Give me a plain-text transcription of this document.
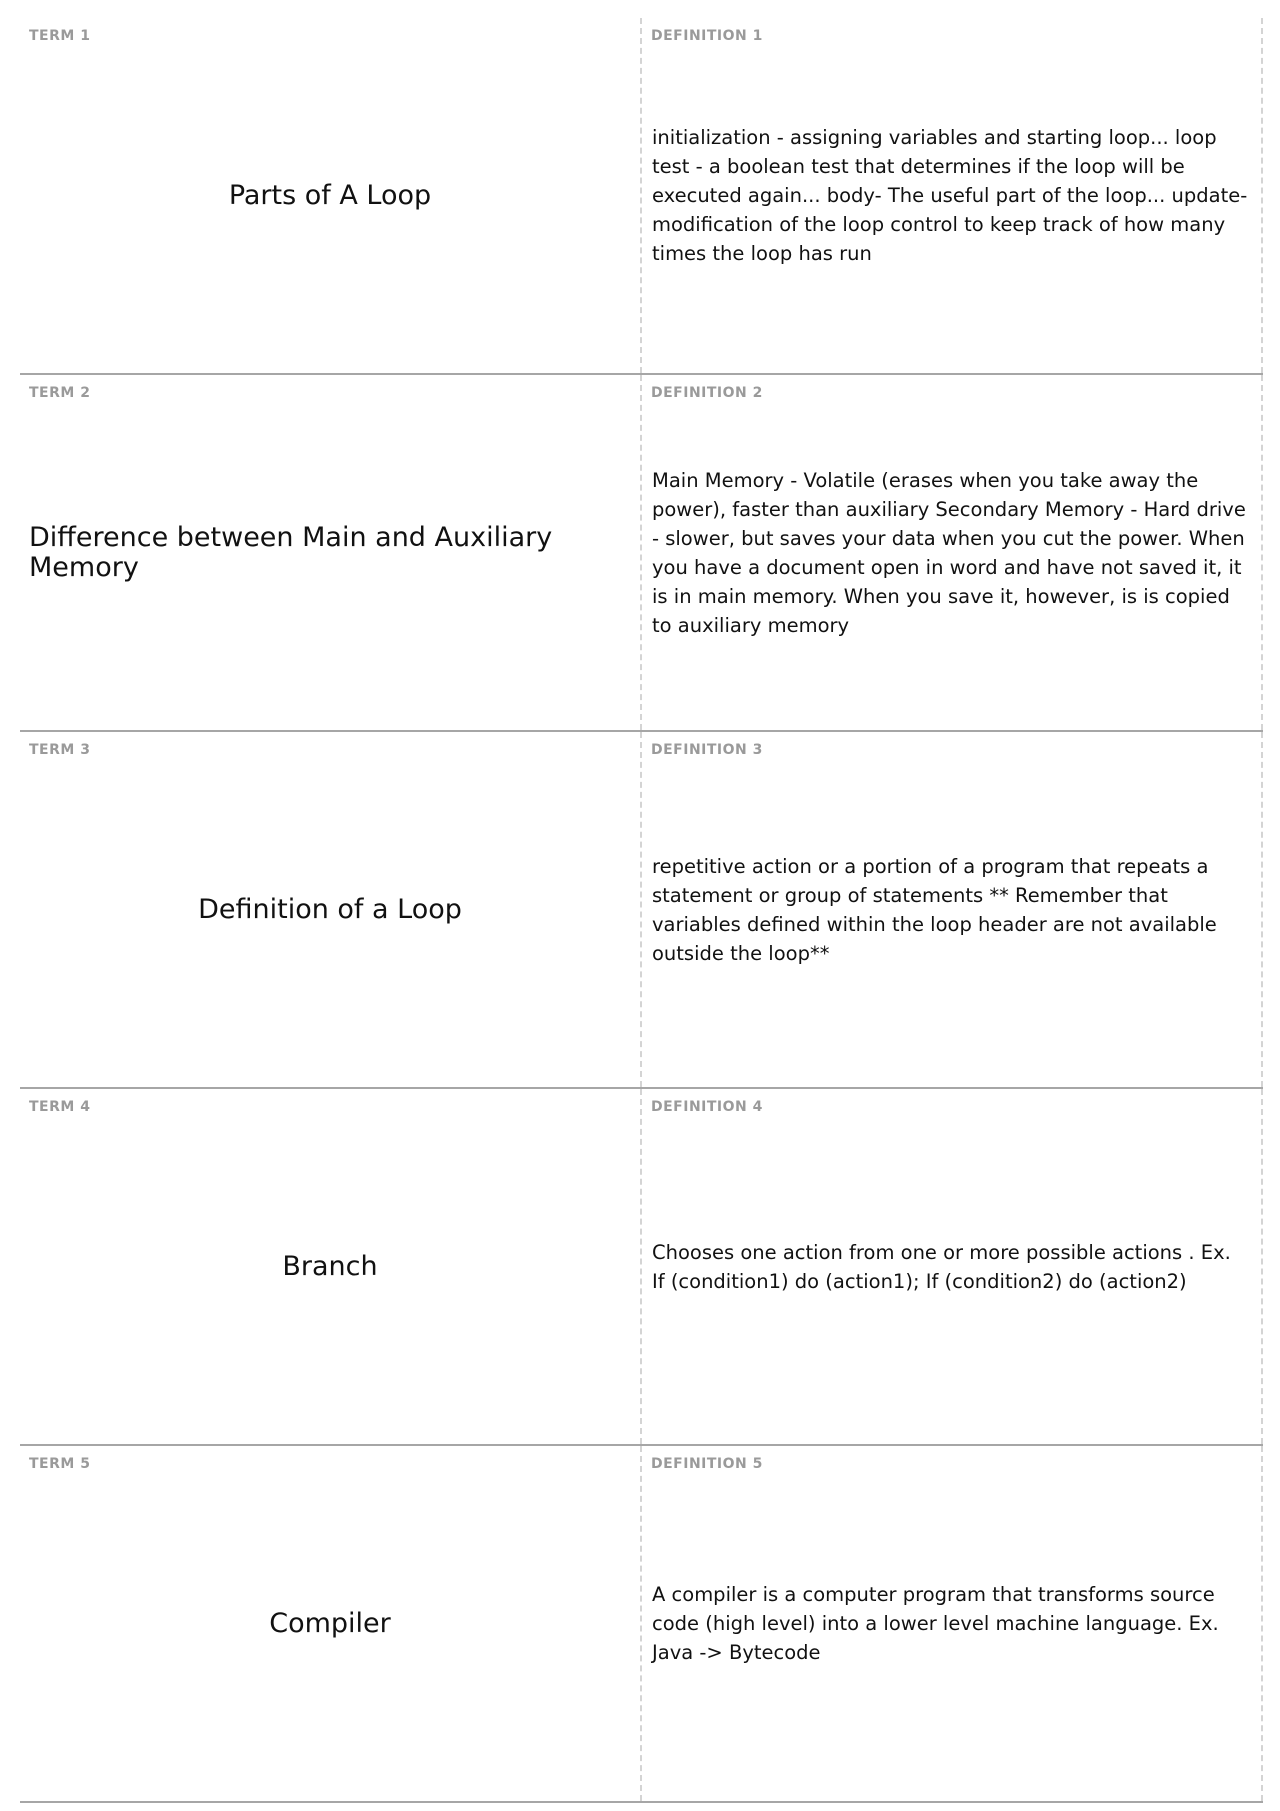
TERM 1
Parts of A Loop
DEFINITION 1
initialization - assigning variables and starting loop... loop test - a boolean test that determines if the loop will be executed again... body- The useful part of the loop... update- modification of the loop control to keep track of how many times the loop has run
TERM 2
Difference between Main and Auxiliary Memory
DEFINITION 2
Main Memory - Volatile (erases when you take away the power), faster than auxiliary Secondary Memory - Hard drive - slower, but saves your data when you cut the power. When you have a document open in word and have not saved it, it is in main memory. When you save it, however, is is copied to auxiliary memory
TERM 3
Definition of a Loop
DEFINITION 3
repetitive action or a portion of a program that repeats a statement or group of statements ** Remember that variables defined within the loop header are not available outside the loop**
TERM 4
Branch
DEFINITION 4
Chooses one action from one or more possible actions . Ex. If (condition1) do (action1); If (condition2) do (action2)
TERM 5
Compiler
DEFINITION 5
A compiler is a computer program that transforms source code (high level) into a lower level machine language. Ex. Java -> Bytecode
